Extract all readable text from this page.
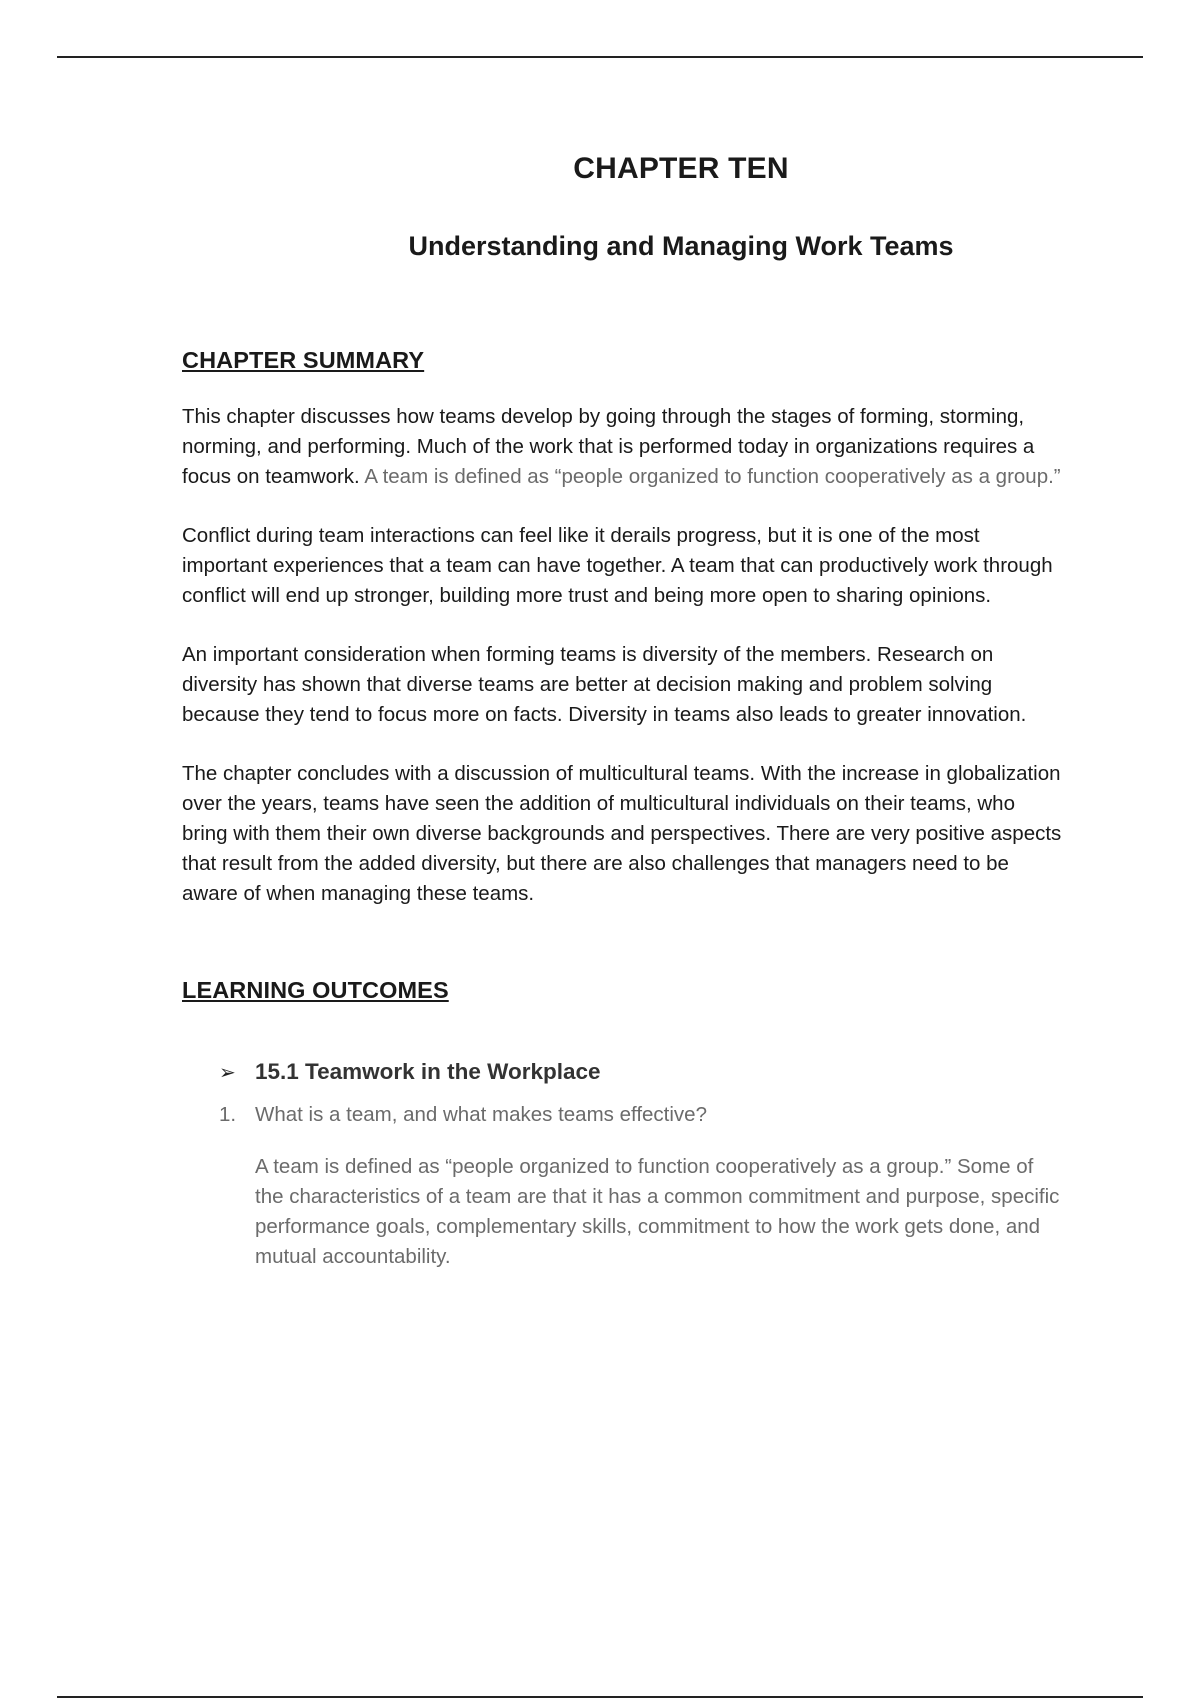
CHAPTER TEN
Understanding and Managing Work Teams
CHAPTER SUMMARY

This chapter discusses how teams develop by going through the stages of forming, storming, norming, and performing. Much of the work that is performed today in organizations requires a focus on teamwork. A team is defined as “people organized to function cooperatively as a group.”

Conflict during team interactions can feel like it derails progress, but it is one of the most important experiences that a team can have together. A team that can productively work through conflict will end up stronger, building more trust and being more open to sharing opinions.

An important consideration when forming teams is diversity of the members. Research on diversity has shown that diverse teams are better at decision making and problem solving because they tend to focus more on facts. Diversity in teams also leads to greater innovation.

The chapter concludes with a discussion of multicultural teams. With the increase in globalization over the years, teams have seen the addition of multicultural individuals on their teams, who bring with them their own diverse backgrounds and perspectives. There are very positive aspects that result from the added diversity, but there are also challenges that managers need to be aware of when managing these teams.

LEARNING OUTCOMES
➢ 15.1 Teamwork in the Workplace
1. What is a team, and what makes teams effective?

A team is defined as “people organized to function cooperatively as a group.” Some of the characteristics of a team are that it has a common commitment and purpose, specific performance goals, complementary skills, commitment to how the work gets done, and mutual accountability.
